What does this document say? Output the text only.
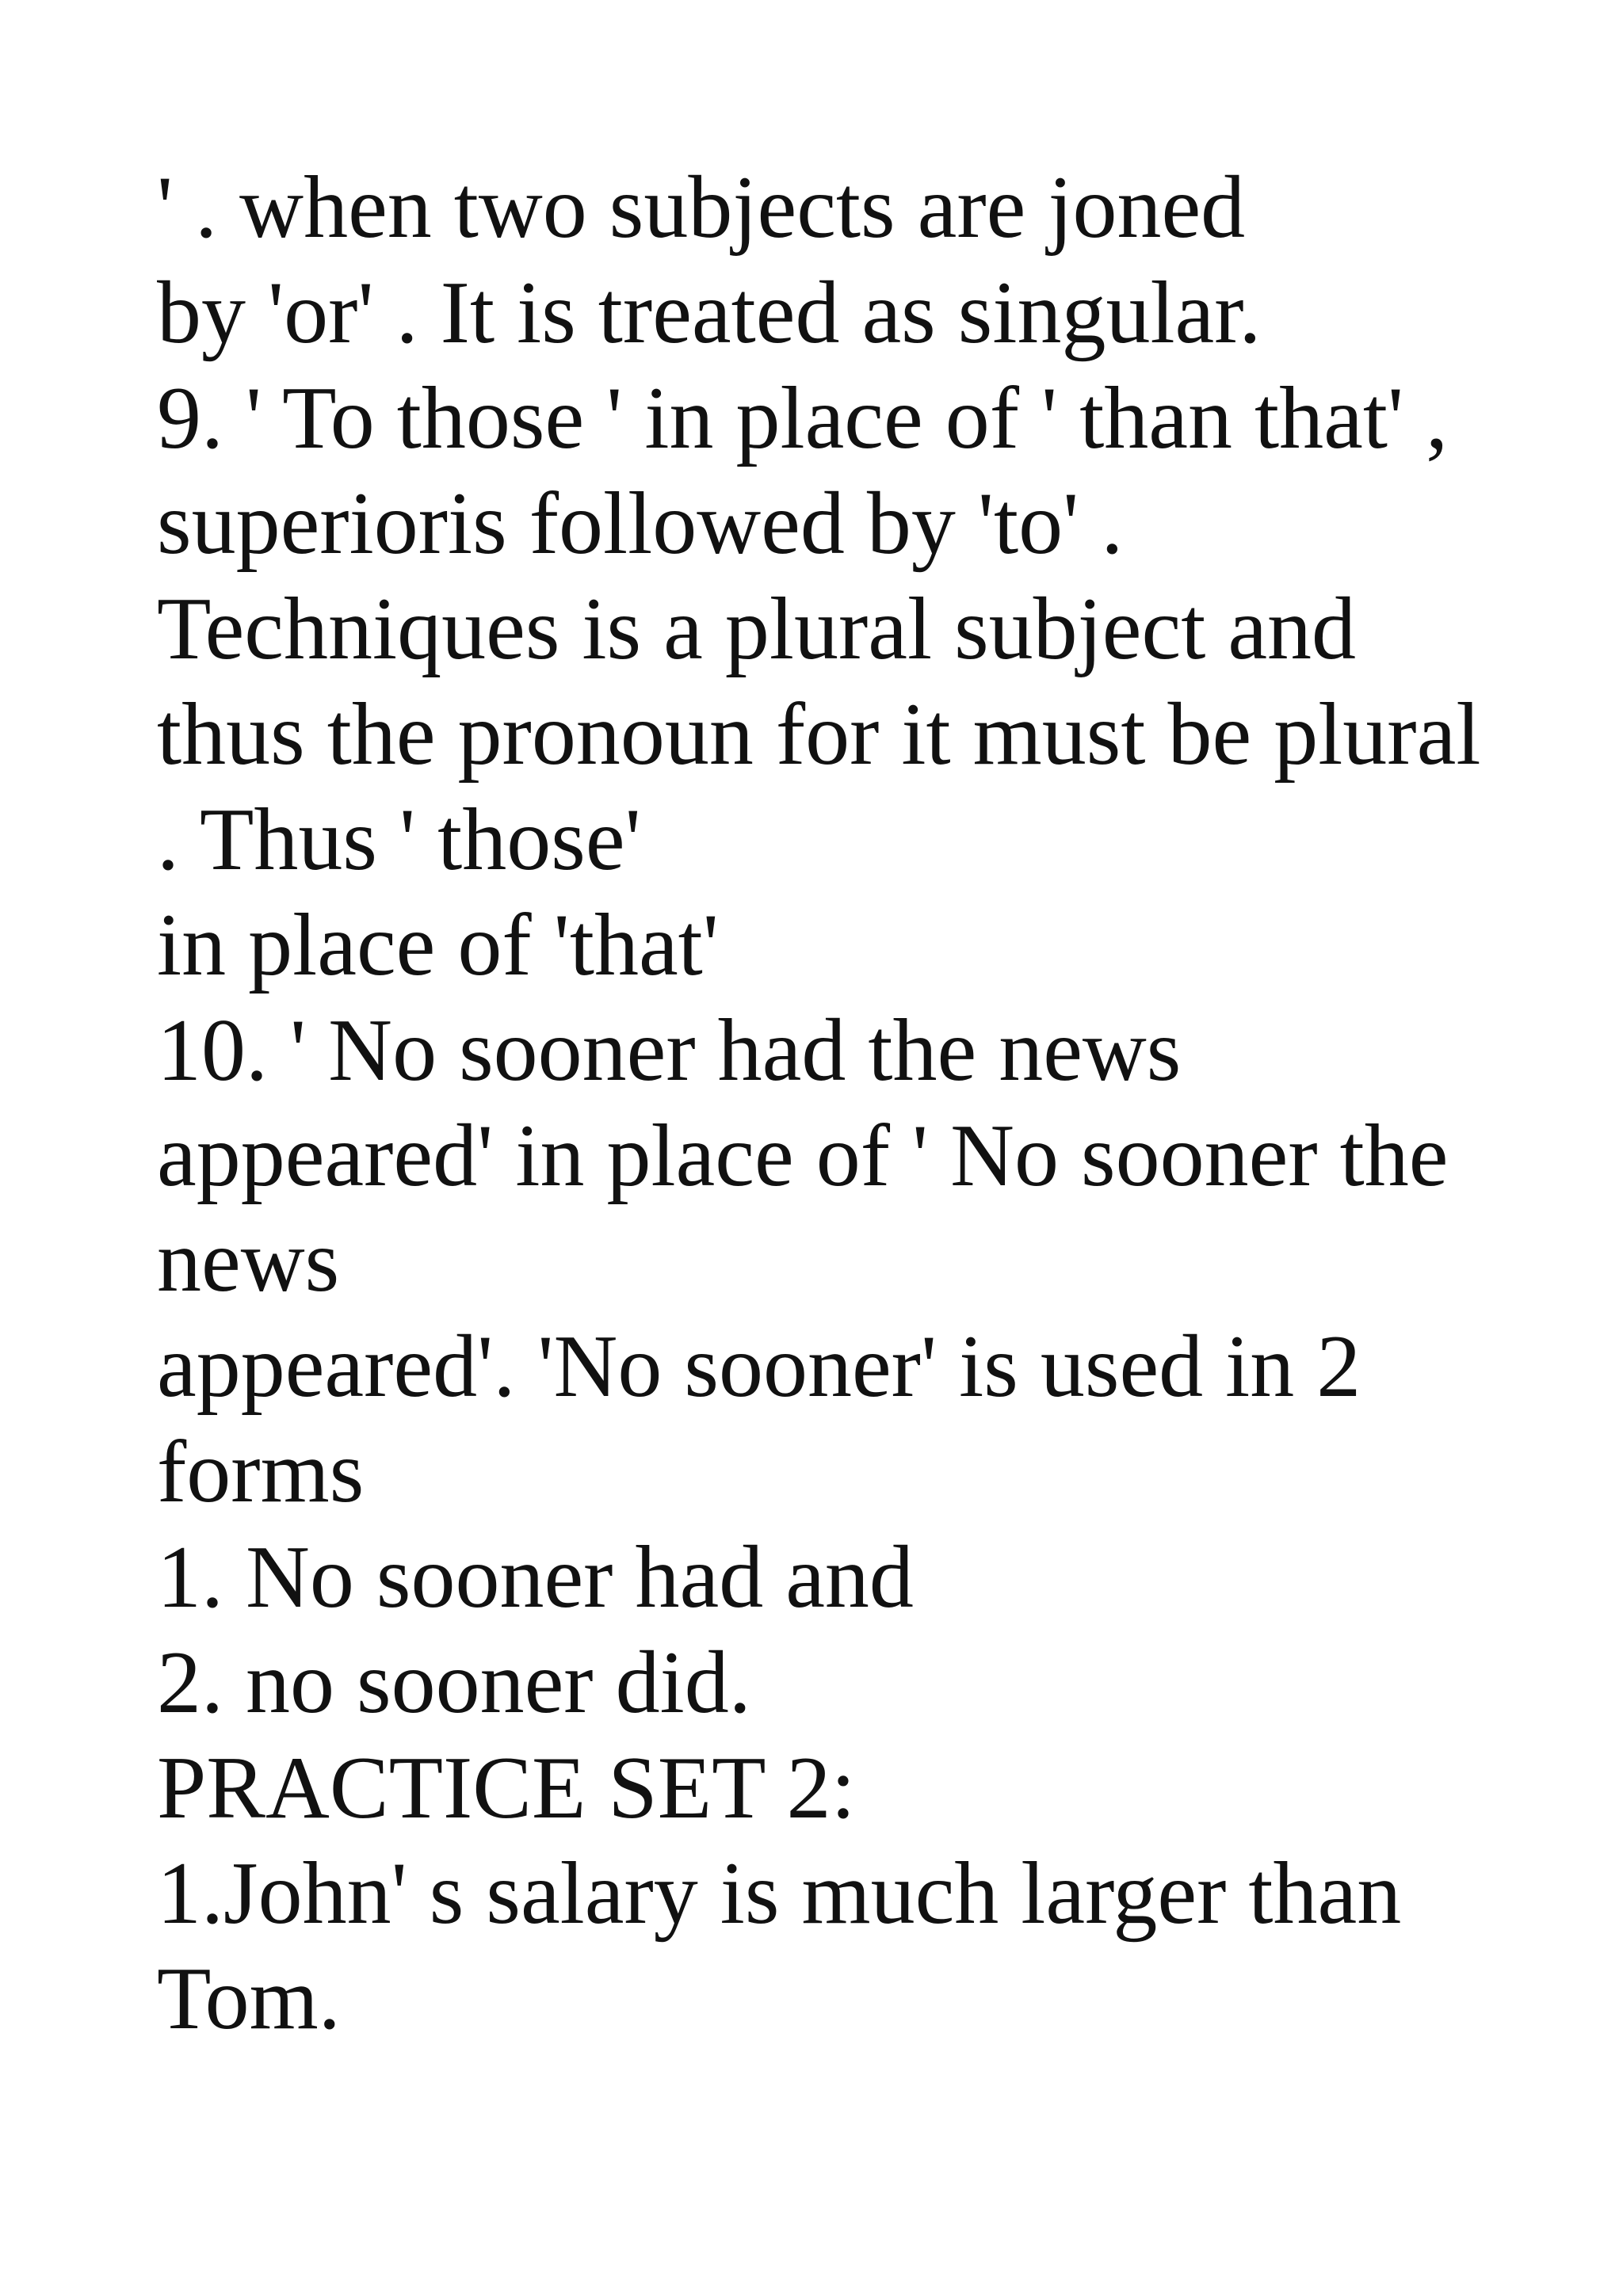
' . when two subjects are joned
by 'or' . It is treated as singular.
9. ' To those ' in place of ' than that' ,
superioris followed by 'to' .
Techniques is a plural subject and
thus the pronoun for it must be plural
. Thus ' those'
in place of 'that'
10. ' No sooner had the news
appeared' in place of ' No sooner the
news
appeared'. 'No sooner' is used in 2
forms
1. No sooner had and
2. no sooner did.
PRACTICE SET 2:
1.John' s salary is much larger than
Tom.
